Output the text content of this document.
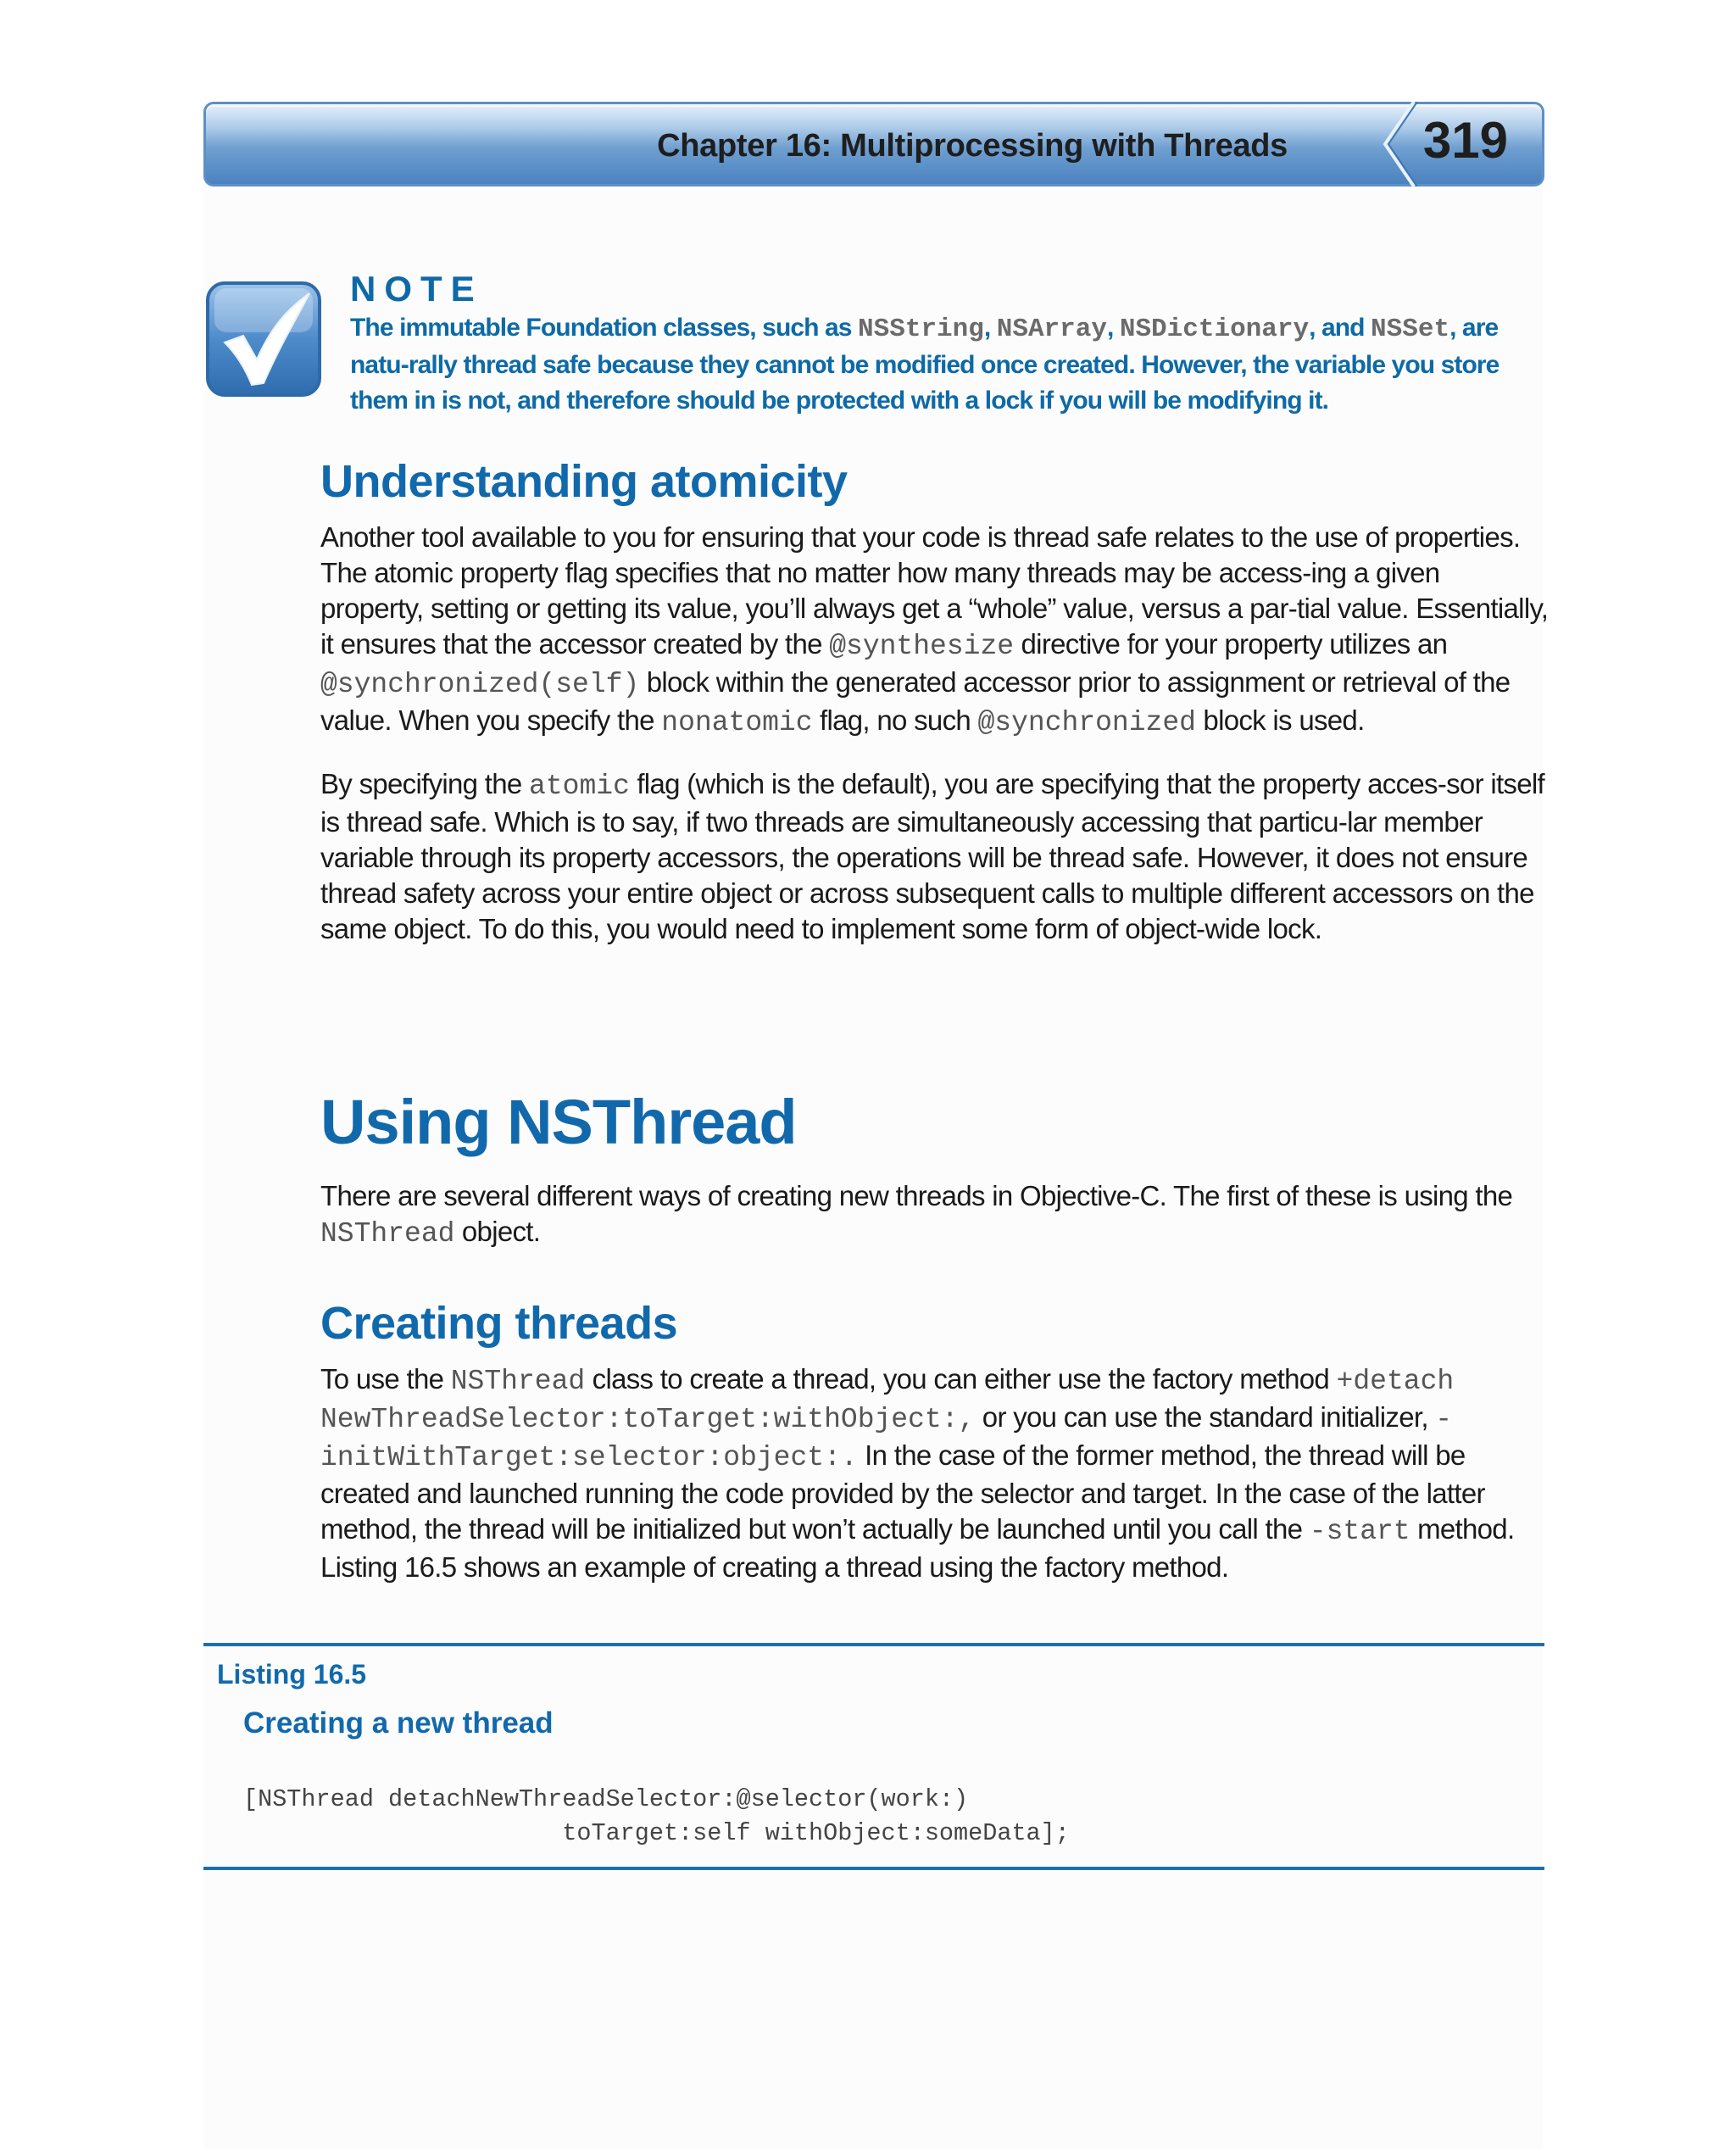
Chapter 16: Multiprocessing with Threads	319
NOTE

The immutable Foundation classes, such as NSString, NSArray, NSDictionary, and NSSet, are natu-rally thread safe because they cannot be modified once created. However, the variable you store them in is not, and therefore should be protected with a lock if you will be modifying it.

Understanding atomicity

Another tool available to you for ensuring that your code is thread safe relates to the use of properties. The atomic property flag specifies that no matter how many threads may be access-ing a given property, setting or getting its value, you’ll always get a “whole” value, versus a par-tial value. Essentially, it ensures that the accessor created by the @synthesize directive for your property utilizes an @synchronized(self) block within the generated accessor prior to assignment or retrieval of the value. When you specify the nonatomic flag, no such @synchronized block is used.

By specifying the atomic flag (which is the default), you are specifying that the property acces-sor itself is thread safe. Which is to say, if two threads are simultaneously accessing that particu-lar member variable through its property accessors, the operations will be thread safe. However, it does not ensure thread safety across your entire object or across subsequent calls to multiple different accessors on the same object. To do this, you would need to implement some form of object-wide lock.

Using NSThread

There are several different ways of creating new threads in Objective-C. The first of these is using the NSThread object.

Creating threads

To use the NSThread class to create a thread, you can either use the factory method +detach NewThreadSelector:toTarget:withObject:, or you can use the standard initializer, -initWithTarget:selector:object:. In the case of the former method, the thread will be created and launched running the code provided by the selector and target. In the case of the latter method, the thread will be initialized but won’t actually be launched until you call the -start method. Listing 16.5 shows an example of creating a thread using the factory method.

Listing 16.5
Creating a new thread
[NSThread detachNewThreadSelector:@selector(work:)
toTarget:self withObject:someData];
